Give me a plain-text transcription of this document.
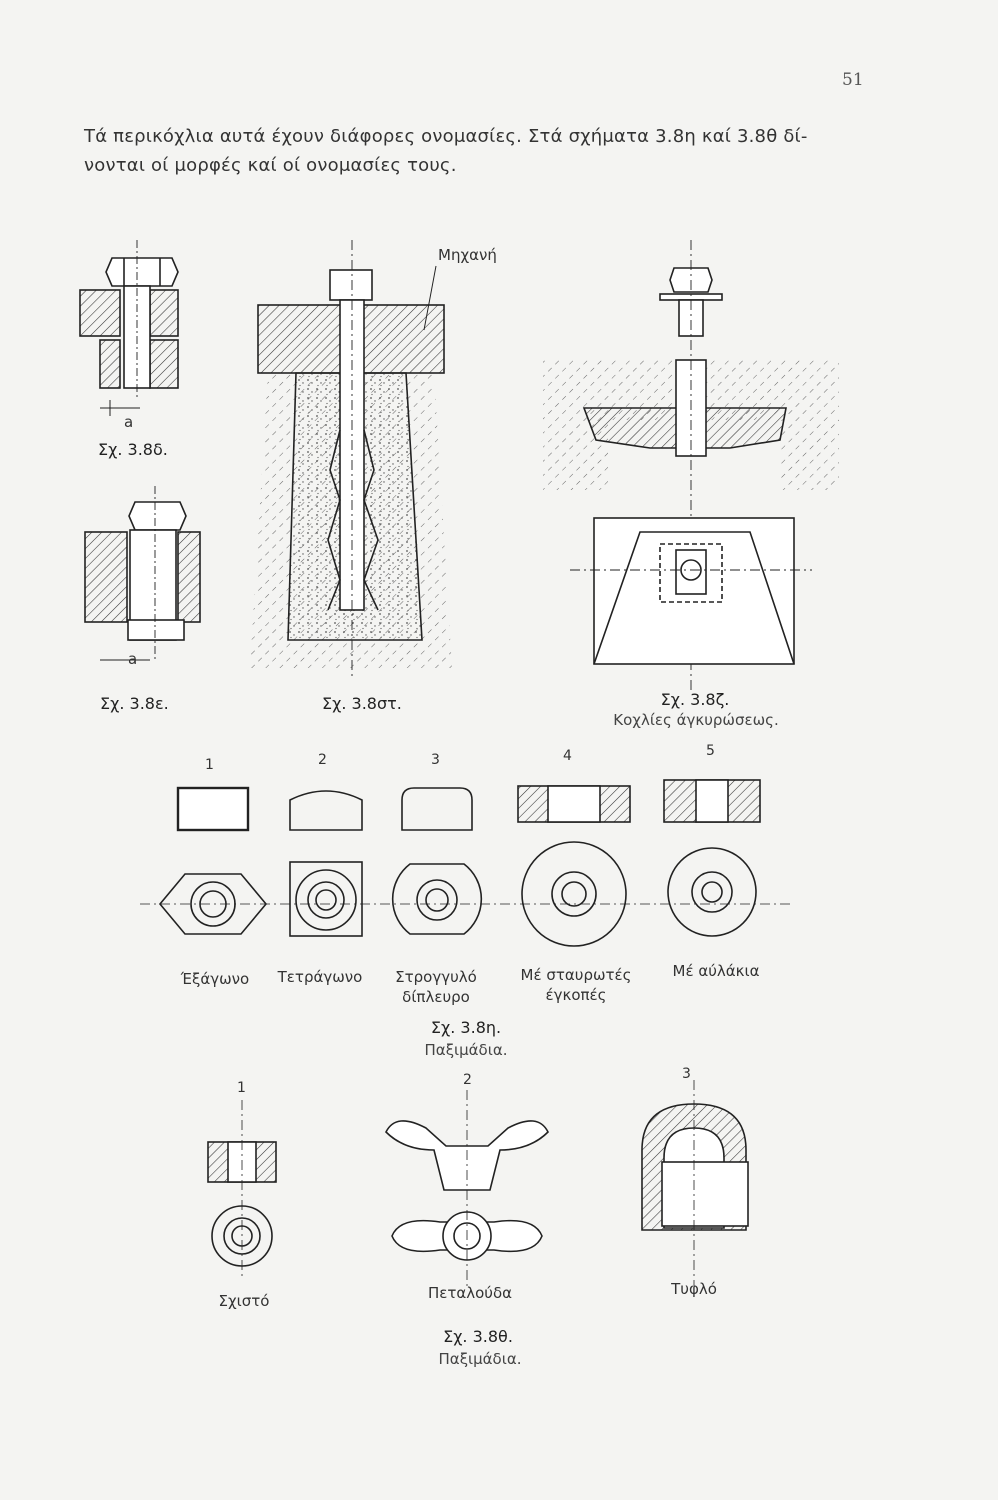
51
Τά περικόχλια αυτά έχουν διάφορες ονομασίες. Στά σχήματα 3.8η καί 3.8θ δί-
νονται οί μορφές καί οί ονομασίες τους.
a
Σχ. 3.8δ.
a
Σχ. 3.8ε.
Μηχανή
Σχ. 3.8στ.	Σχ. 3.8ζ.
Κοχλίες άγκυρώσεως.
1	2	3	4	5
Έξάγωνο Τετράγωνο Στρογγυλό
δίπλευρο
Μέ σταυρωτές
έγκοπές
Μέ αύλάκια
Σχ. 3.8η.
Παξιμάδια.
1	2	3
Σχιστό	Πεταλούδα	Τυφλό
Σχ. 3.8θ.
Παξιμάδια.
